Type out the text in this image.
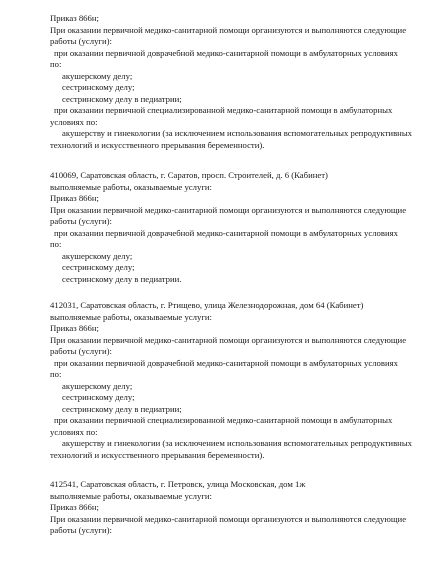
Приказ 866н;
При оказании первичной медико-санитарной помощи организуются и выполняются следующие
работы (услуги):
при оказании первичной доврачебной медико-санитарной помощи в амбулаторных условиях
по:
акушерскому делу;
сестринскому делу;
сестринскому делу в педиатрии;
при оказании первичной специализированной медико-санитарной помощи в амбулаторных
условиях по:
акушерству и гинекологии (за исключением использования вспомогательных репродуктивных
технологий и искусственного прерывания беременности).
410069, Саратовская область, г. Саратов, просп. Строителей, д. 6 (Кабинет)
выполняемые работы, оказываемые услуги:
Приказ 866н;
При оказании первичной медико-санитарной помощи организуются и выполняются следующие
работы (услуги):
при оказании первичной доврачебной медико-санитарной помощи в амбулаторных условиях
по:
акушерскому делу;
сестринскому делу;
сестринскому делу в педиатрии.
412031, Саратовская область, г. Ртищево, улица Железнодорожная, дом 64 (Кабинет)
выполняемые работы, оказываемые услуги:
Приказ 866н;
При оказании первичной медико-санитарной помощи организуются и выполняются следующие
работы (услуги):
при оказании первичной доврачебной медико-санитарной помощи в амбулаторных условиях
по:
акушерскому делу;
сестринскому делу;
сестринскому делу в педиатрии;
при оказании первичной специализированной медико-санитарной помощи в амбулаторных
условиях по:
акушерству и гинекологии (за исключением использования вспомогательных репродуктивных
технологий и искусственного прерывания беременности).
412541, Саратовская область, г. Петровск, улица Московская, дом 1ж
выполняемые работы, оказываемые услуги:
Приказ 866н;
При оказании первичной медико-санитарной помощи организуются и выполняются следующие
работы (услуги):
